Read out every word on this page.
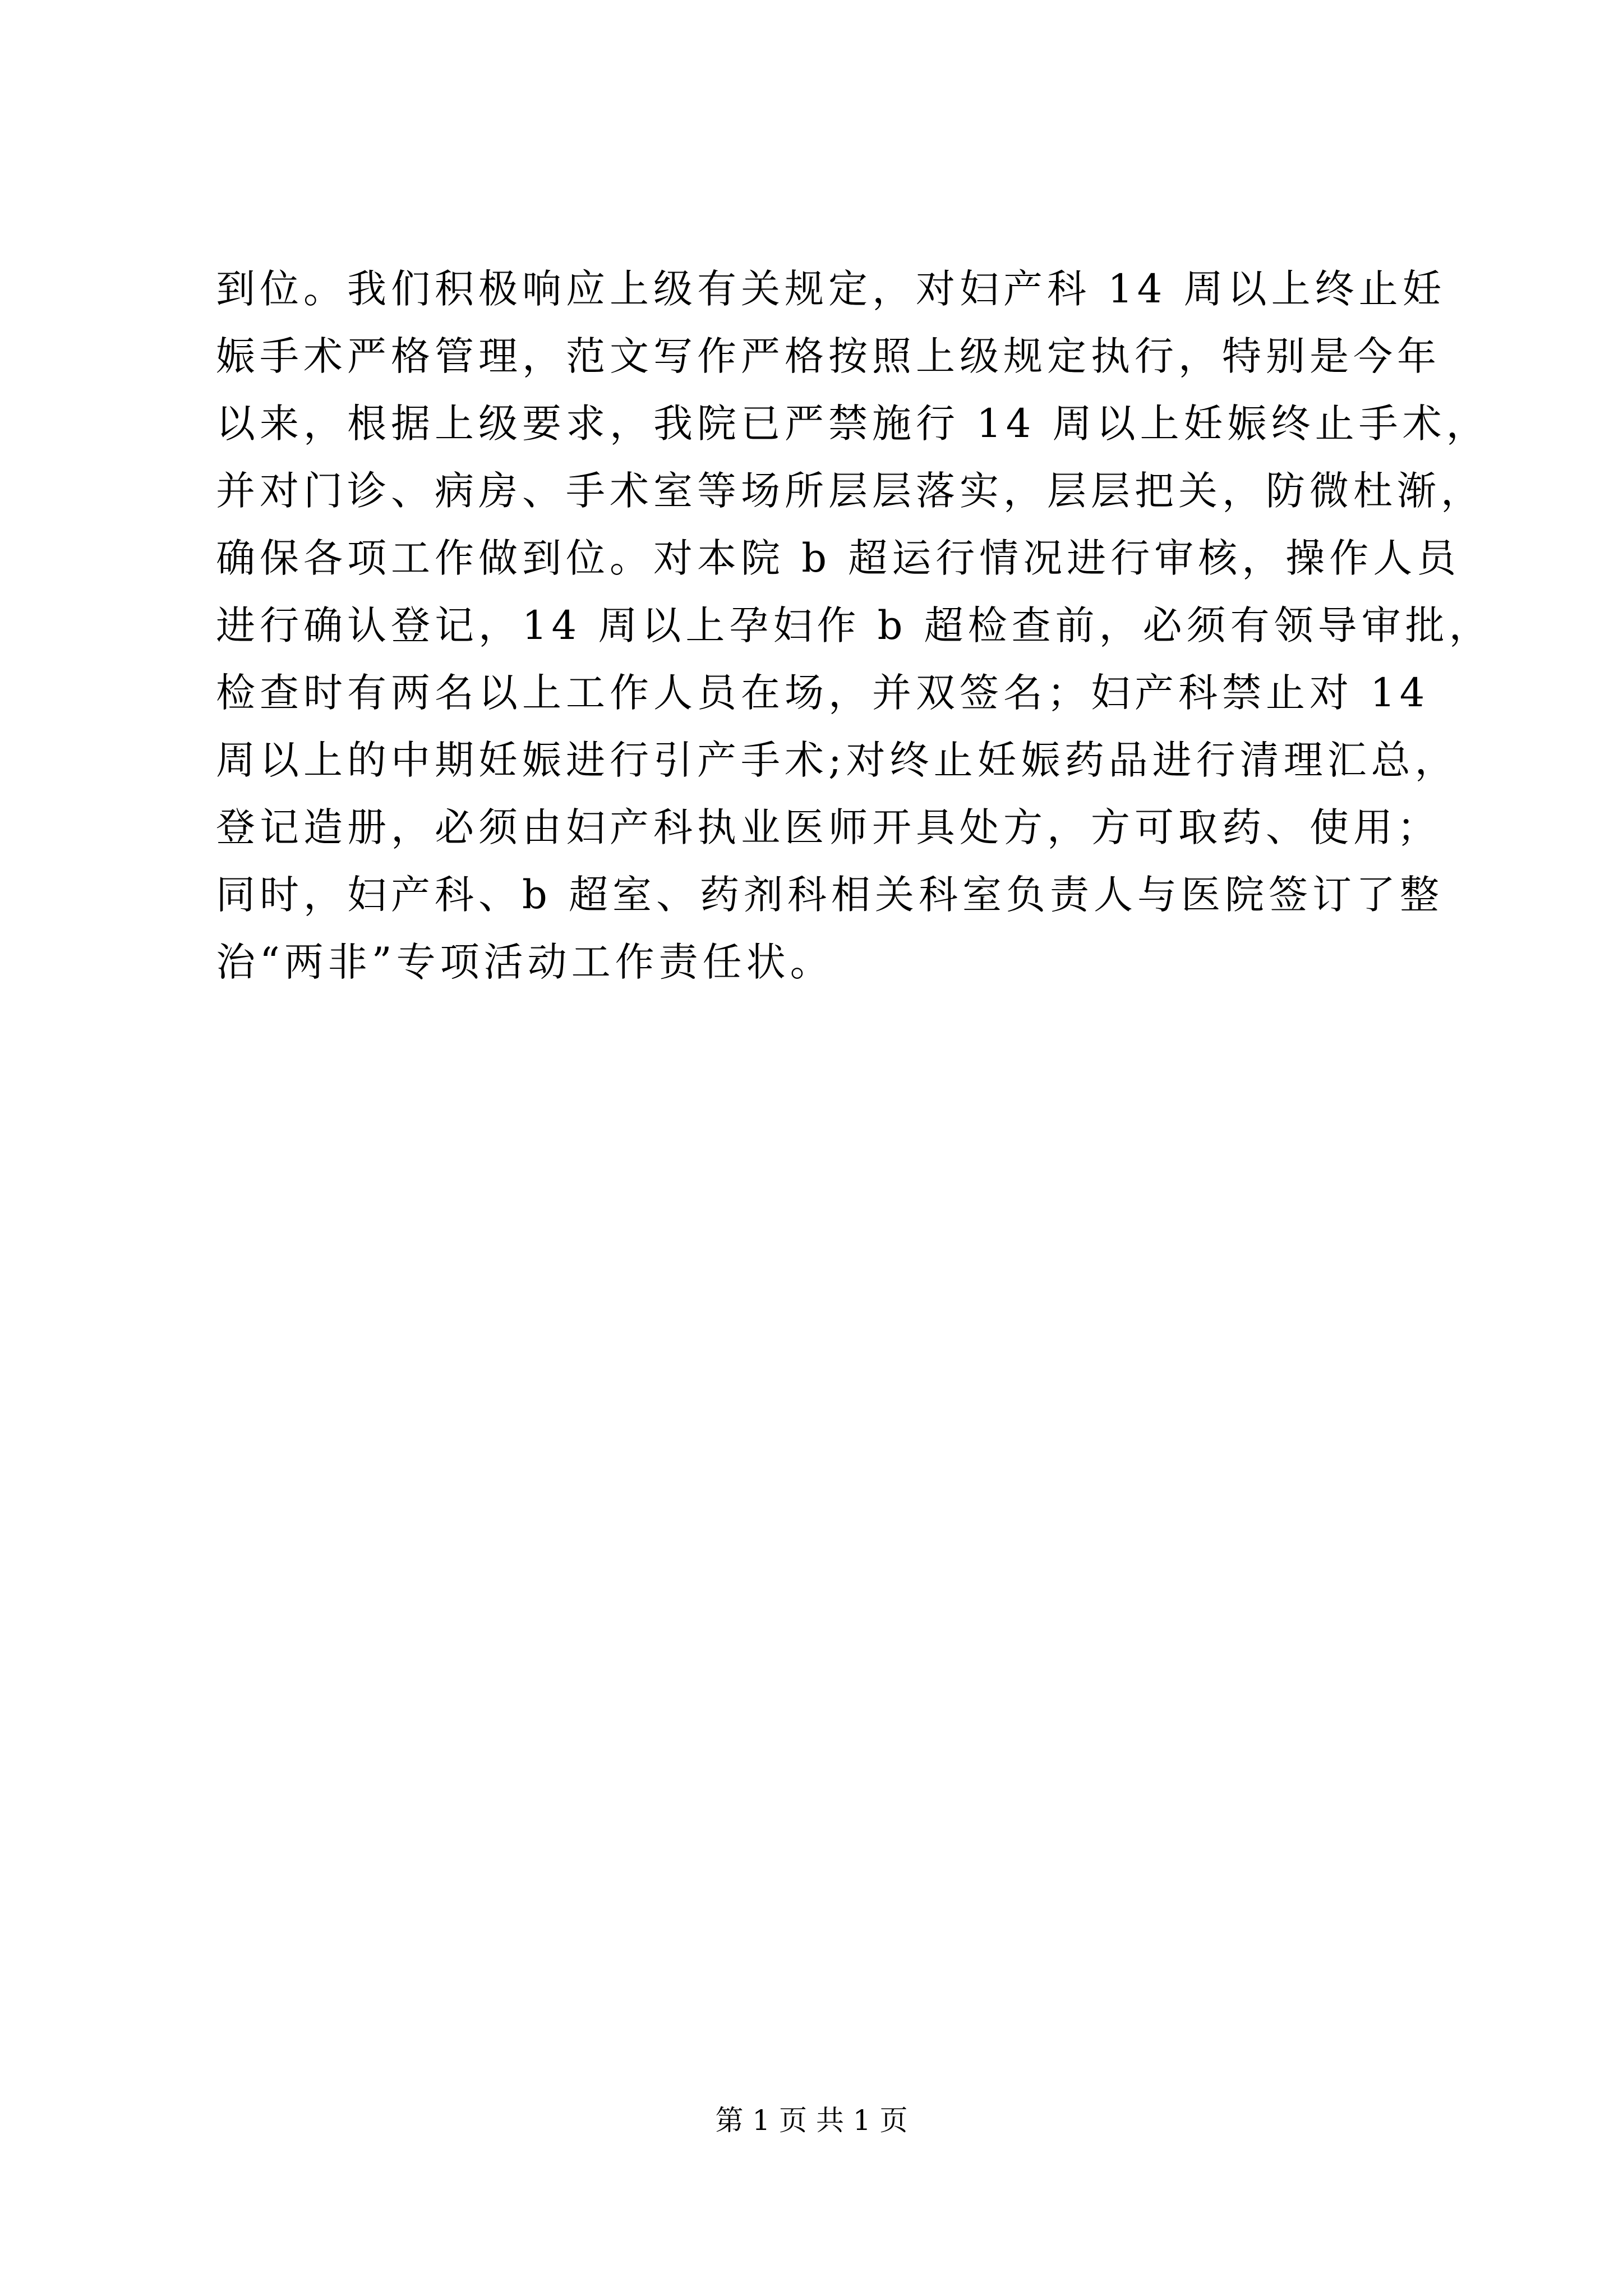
到位。我们积极响应上级有关规定，对妇产科 14 周以上终止妊
娠手术严格管理，范文写作严格按照上级规定执行，特别是今年
以来，根据上级要求，我院已严禁施行 14 周以上妊娠终止手术，
并对门诊、病房、手术室等场所层层落实，层层把关，防微杜渐，
确保各项工作做到位。对本院 b 超运行情况进行审核，操作人员
进行确认登记，14 周以上孕妇作 b 超检查前，必须有领导审批，
检查时有两名以上工作人员在场，并双签名；妇产科禁止对 14
周以上的中期妊娠进行引产手术;对终止妊娠药品进行清理汇总，
登记造册，必须由妇产科执业医师开具处方，方可取药、使用；
同时，妇产科、b 超室、药剂科相关科室负责人与医院签订了整
治“两非”专项活动工作责任状。
第 1 页 共 1 页
